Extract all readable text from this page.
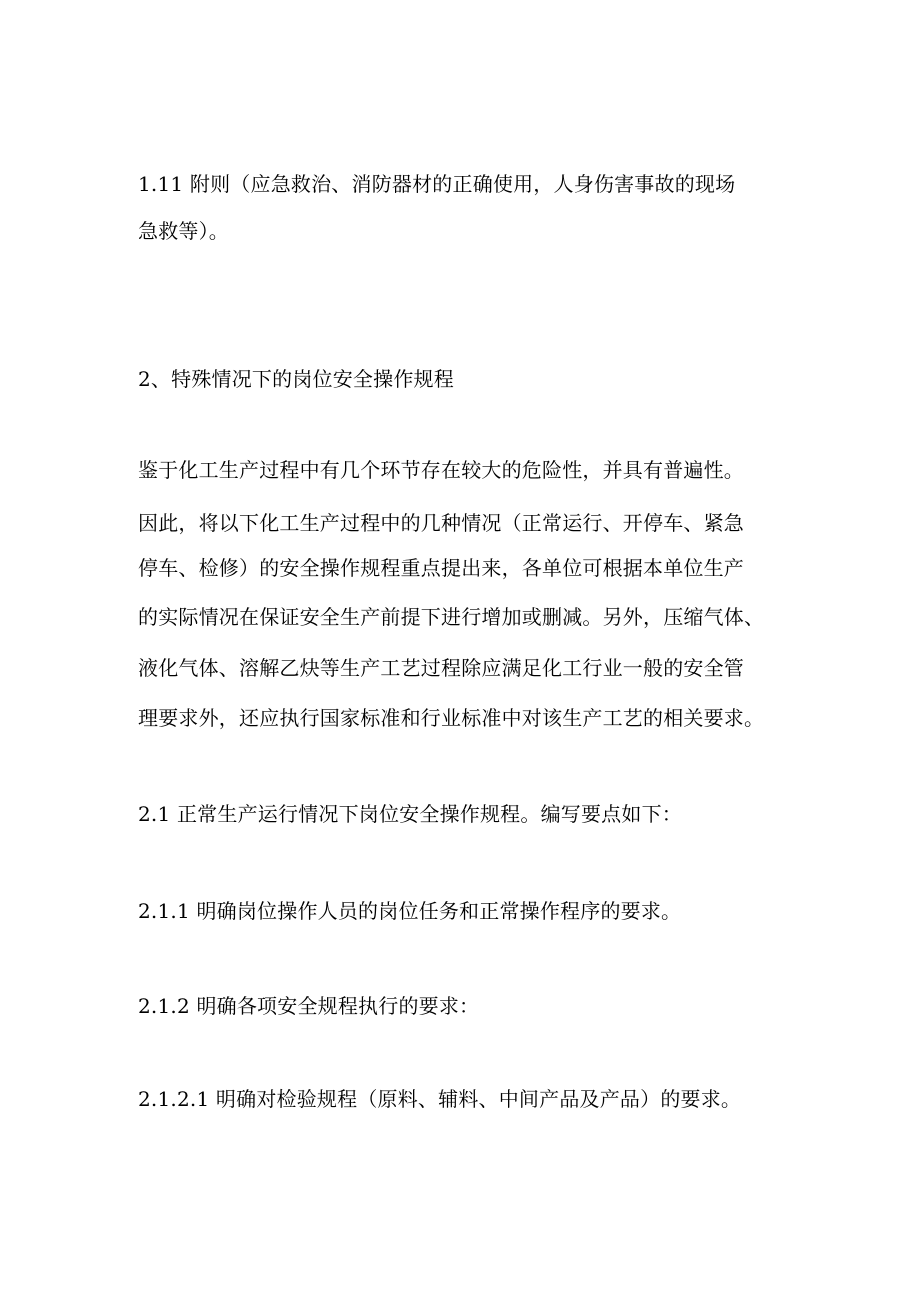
1.11 附则（应急救治、消防器材的正确使用，人身伤害事故的现场
急救等）。
2、特殊情况下的岗位安全操作规程
鉴于化工生产过程中有几个环节存在较大的危险性，并具有普遍性。
因此，将以下化工生产过程中的几种情况（正常运行、开停车、紧急
停车、检修）的安全操作规程重点提出来，各单位可根据本单位生产
的实际情况在保证安全生产前提下进行增加或删减。另外，压缩气体、
液化气体、溶解乙炔等生产工艺过程除应满足化工行业一般的安全管
理要求外，还应执行国家标准和行业标准中对该生产工艺的相关要求。
2.1 正常生产运行情况下岗位安全操作规程。编写要点如下：
2.1.1 明确岗位操作人员的岗位任务和正常操作程序的要求。
2.1.2 明确各项安全规程执行的要求：
2.1.2.1 明确对检验规程（原料、辅料、中间产品及产品）的要求。
